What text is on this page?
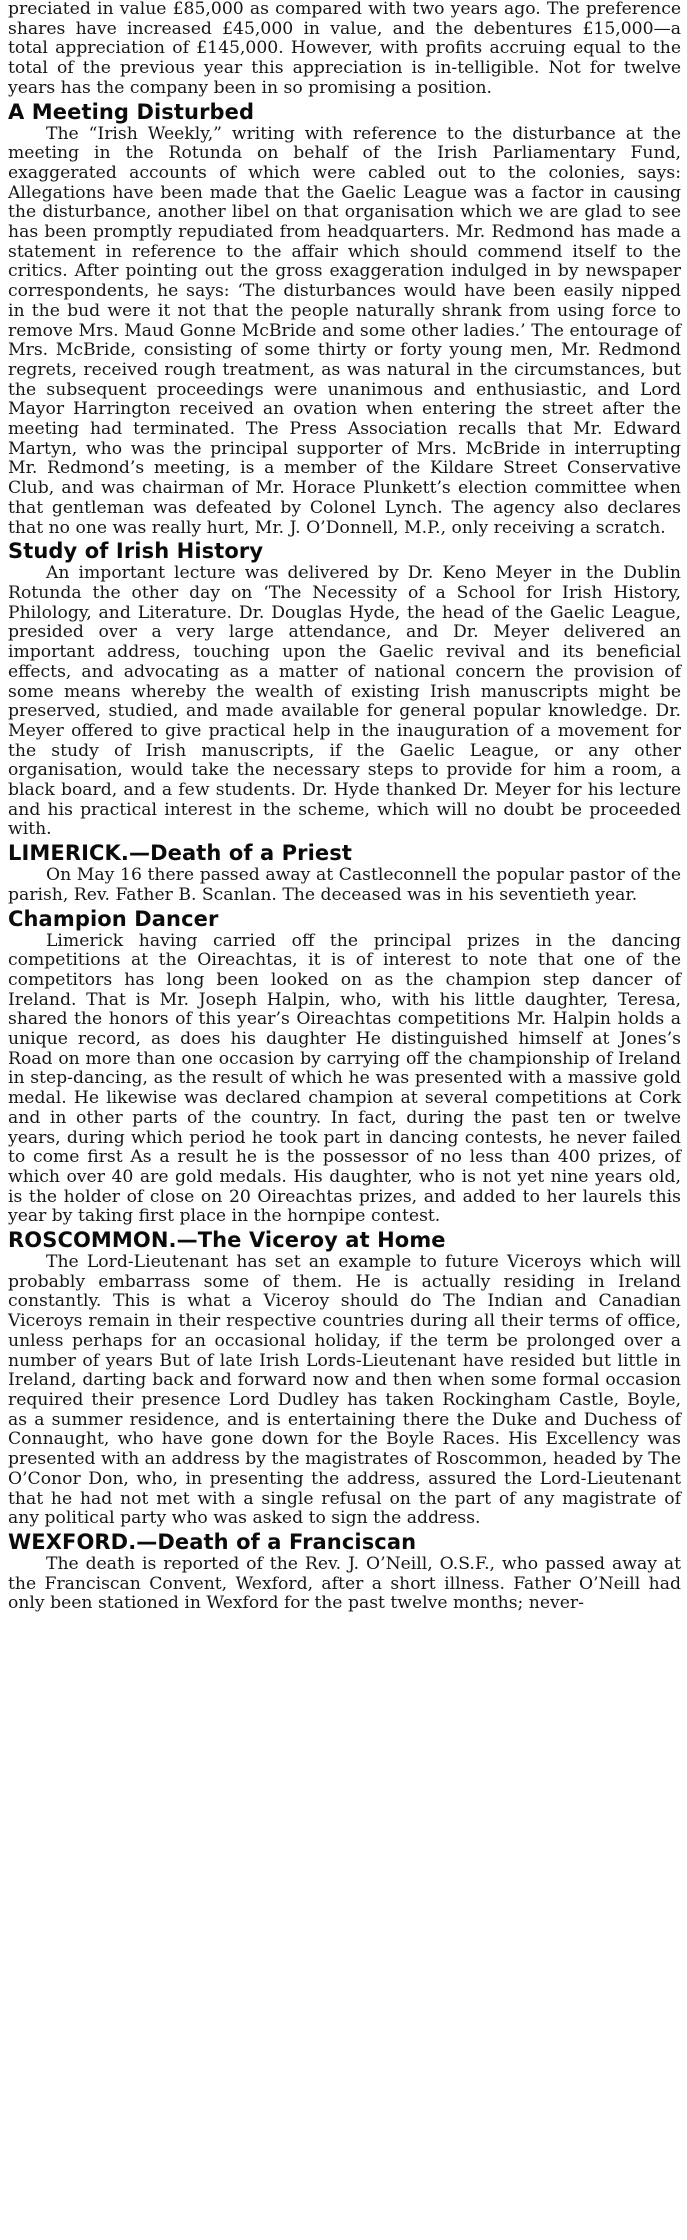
preciated in value £85,000 as compared with two years ago. The preference shares have increased £45,000 in value, and the debentures £15,000—a total appreciation of £145,000. However, with profits accruing equal to the total of the previous year this appreciation is in-telligible. Not for twelve years has the company been in so promising a position.

A Meeting Disturbed

The “Irish Weekly,” writing with reference to the disturbance at the meeting in the Rotunda on behalf of the Irish Parliamentary Fund, exaggerated accounts of which were cabled out to the colonies, says: Allegations have been made that the Gaelic League was a factor in causing the disturbance, another libel on that organisation which we are glad to see has been promptly repudiated from headquarters. Mr. Redmond has made a statement in reference to the affair which should commend itself to the critics. After pointing out the gross exaggeration indulged in by newspaper correspondents, he says: ‘The disturbances would have been easily nipped in the bud were it not that the people naturally shrank from using force to remove Mrs. Maud Gonne McBride and some other ladies.’ The entourage of Mrs. McBride, consisting of some thirty or forty young men, Mr. Redmond regrets, received rough treatment, as was natural in the circumstances, but the subsequent proceedings were unanimous and enthusiastic, and Lord Mayor Harrington received an ovation when entering the street after the meeting had terminated. The Press Association recalls that Mr. Edward Martyn, who was the principal supporter of Mrs. McBride in interrupting Mr. Redmond’s meeting, is a member of the Kildare Street Conservative Club, and was chairman of Mr. Horace Plunkett’s election committee when that gentleman was defeated by Colonel Lynch. The agency also declares that no one was really hurt, Mr. J. O’Donnell, M.P., only receiving a scratch.

Study of Irish History

An important lecture was delivered by Dr. Keno Meyer in the Dublin Rotunda the other day on ‘The Necessity of a School for Irish History, Philology, and Literature. Dr. Douglas Hyde, the head of the Gaelic League, presided over a very large attendance, and Dr. Meyer delivered an important address, touching upon the Gaelic revival and its beneficial effects, and advocating as a matter of national concern the provision of some means whereby the wealth of existing Irish manuscripts might be preserved, studied, and made available for general popular knowledge. Dr. Meyer offered to give practical help in the inauguration of a movement for the study of Irish manuscripts, if the Gaelic League, or any other organisation, would take the necessary steps to provide for him a room, a black board, and a few students. Dr. Hyde thanked Dr. Meyer for his lecture and his practical interest in the scheme, which will no doubt be proceeded with.

LIMERICK.—Death of a Priest

On May 16 there passed away at Castleconnell the popular pastor of the parish, Rev. Father B. Scanlan. The deceased was in his seventieth year.

Champion Dancer

Limerick having carried off the principal prizes in the dancing competitions at the Oireachtas, it is of interest to note that one of the competitors has long been looked on as the champion step dancer of Ireland. That is Mr. Joseph Halpin, who, with his little daughter, Teresa, shared the honors of this year’s Oireachtas competitions Mr. Halpin holds a unique record, as does his daughter He distinguished himself at Jones’s Road on more than one occasion by carrying off the championship of Ireland in step-dancing, as the result of which he was presented with a massive gold medal. He likewise was declared champion at several competitions at Cork and in other parts of the country. In fact, during the past ten or twelve years, during which period he took part in dancing contests, he never failed to come first As a result he is the possessor of no less than 400 prizes, of which over 40 are gold medals. His daughter, who is not yet nine years old, is the holder of close on 20 Oireachtas prizes, and added to her laurels this year by taking first place in the hornpipe contest.

ROSCOMMON.—The Viceroy at Home

The Lord-Lieutenant has set an example to future Viceroys which will probably embarrass some of them. He is actually residing in Ireland constantly. This is what a Viceroy should do The Indian and Canadian Viceroys remain in their respective countries during all their terms of office, unless perhaps for an occasional holiday, if the term be prolonged over a number of years But of late Irish Lords-Lieutenant have resided but little in Ireland, darting back and forward now and then when some formal occasion required their presence Lord Dudley has taken Rockingham Castle, Boyle, as a summer residence, and is entertaining there the Duke and Duchess of Connaught, who have gone down for the Boyle Races. His Excellency was presented with an address by the magistrates of Roscommon, headed by The O’Conor Don, who, in presenting the address, assured the Lord-Lieutenant that he had not met with a single refusal on the part of any magistrate of any political party who was asked to sign the address.

WEXFORD.—Death of a Franciscan

The death is reported of the Rev. J. O’Neill, O.S.F., who passed away at the Franciscan Convent, Wexford, after a short illness. Father O’Neill had only been stationed in Wexford for the past twelve months; never-
